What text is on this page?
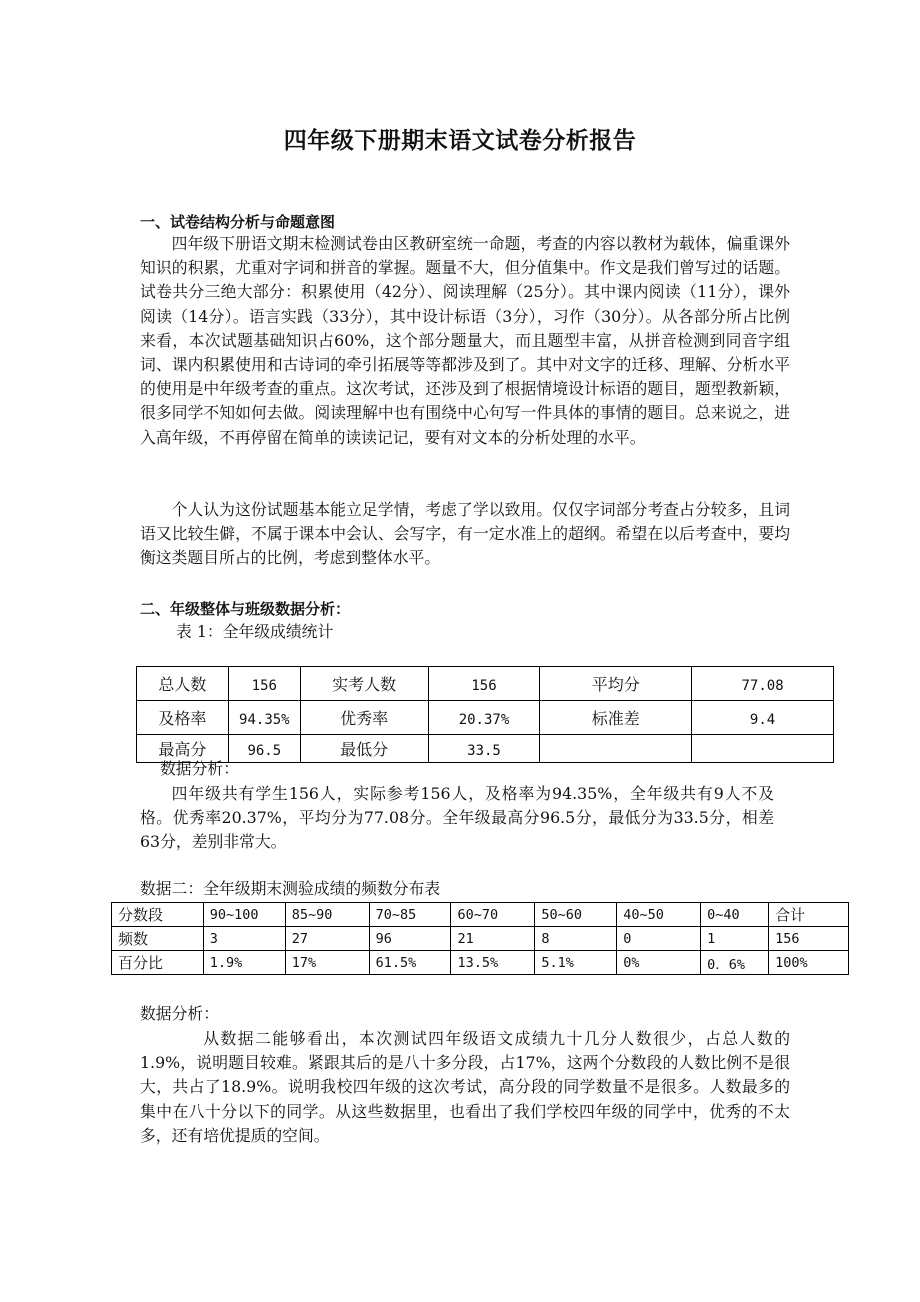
四年级下册期末语文试卷分析报告
一、试卷结构分析与命题意图

四年级下册语文期末检测试卷由区教研室统一命题，考查的内容以教材为载体，偏重课外知识的积累，尤重对字词和拼音的掌握。题量不大，但分值集中。作文是我们曾写过的话题。试卷共分三绝大部分：积累使用（42分）、阅读理解（25分）。其中课内阅读（11分），课外阅读（14分）。语言实践（33分），其中设计标语（3分），习作（30分）。从各部分所占比例来看，本次试题基础知识占60%，这个部分题量大，而且题型丰富，从拼音检测到同音字组词、课内积累使用和古诗词的牵引拓展等等都涉及到了。其中对文字的迁移、理解、分析水平的使用是中年级考查的重点。这次考试，还涉及到了根据情境设计标语的题目，题型教新颖，很多同学不知如何去做。阅读理解中也有围绕中心句写一件具体的事情的题目。总来说之，进入高年级，不再停留在简单的读读记记，要有对文本的分析处理的水平。

个人认为这份试题基本能立足学情，考虑了学以致用。仅仅字词部分考查占分较多，且词语又比较生僻，不属于课本中会认、会写字，有一定水准上的超纲。希望在以后考查中，要均衡这类题目所占的比例，考虑到整体水平。

二、年级整体与班级数据分析：
表 1：全年级成绩统计
总人数	156	实考人数	156	平均分	77.08
及格率	94.35%	优秀率	20.37%	标准差	9.4
最高分	96.5	最低分	33.5		
数据分析：

四年级共有学生156人，实际参考156人，及格率为94.35%，全年级共有9人不及格。优秀率20.37%，平均分为77.08分。全年级最高分96.5分，最低分为33.5分，相差63分，差别非常大。

数据二：全年级期末测验成绩的频数分布表
分数段	90~100	85~90	70~85	60~70	50~60	40~50	0~40	合计
频数	3	27	96	21	8	0	1	156
百分比	1.9%	17%	61.5%	13.5%	5.1%	0%	0．6%	100%
数据分析：

从数据二能够看出，本次测试四年级语文成绩九十几分人数很少，占总人数的1.9%，说明题目较难。紧跟其后的是八十多分段，占17%，这两个分数段的人数比例不是很大，共占了18.9%。说明我校四年级的这次考试，高分段的同学数量不是很多。人数最多的集中在八十分以下的同学。从这些数据里，也看出了我们学校四年级的同学中，优秀的不太多，还有培优提质的空间。
